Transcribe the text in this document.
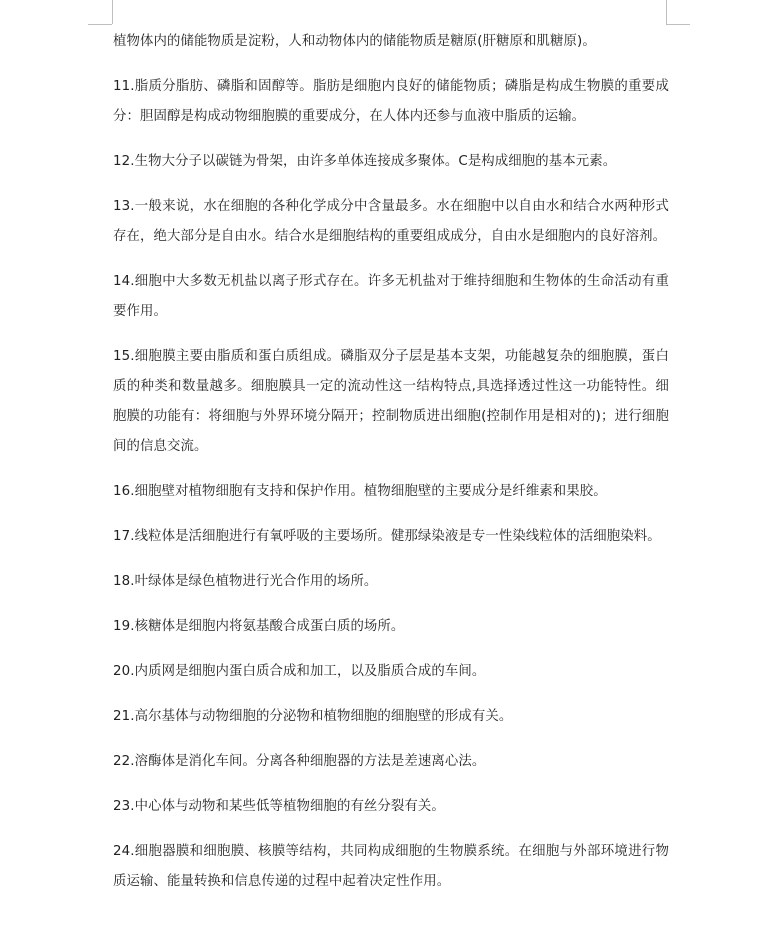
植物体内的储能物质是淀粉，人和动物体内的储能物质是糖原(肝糖原和肌糖原)。

11.脂质分脂肪、磷脂和固醇等。脂肪是细胞内良好的储能物质；磷脂是构成生物膜的重要成分：胆固醇是构成动物细胞膜的重要成分，在人体内还参与血液中脂质的运输。

12.生物大分子以碳链为骨架，由许多单体连接成多聚体。C是构成细胞的基本元素。

13.一般来说，水在细胞的各种化学成分中含量最多。水在细胞中以自由水和结合水两种形式存在，绝大部分是自由水。结合水是细胞结构的重要组成成分，自由水是细胞内的良好溶剂。

14.细胞中大多数无机盐以离子形式存在。许多无机盐对于维持细胞和生物体的生命活动有重要作用。

15.细胞膜主要由脂质和蛋白质组成。磷脂双分子层是基本支架，功能越复杂的细胞膜，蛋白质的种类和数量越多。细胞膜具一定的流动性这一结构特点,具选择透过性这一功能特性。细胞膜的功能有：将细胞与外界环境分隔开；控制物质进出细胞(控制作用是相对的)；进行细胞间的信息交流。

16.细胞壁对植物细胞有支持和保护作用。植物细胞壁的主要成分是纤维素和果胶。

17.线粒体是活细胞进行有氧呼吸的主要场所。健那绿染液是专一性染线粒体的活细胞染料。

18.叶绿体是绿色植物进行光合作用的场所。

19.核糖体是细胞内将氨基酸合成蛋白质的场所。

20.内质网是细胞内蛋白质合成和加工，以及脂质合成的车间。

21.高尔基体与动物细胞的分泌物和植物细胞的细胞壁的形成有关。

22.溶酶体是消化车间。分离各种细胞器的方法是差速离心法。

23.中心体与动物和某些低等植物细胞的有丝分裂有关。

24.细胞器膜和细胞膜、核膜等结构，共同构成细胞的生物膜系统。在细胞与外部环境进行物质运输、能量转换和信息传递的过程中起着决定性作用。
